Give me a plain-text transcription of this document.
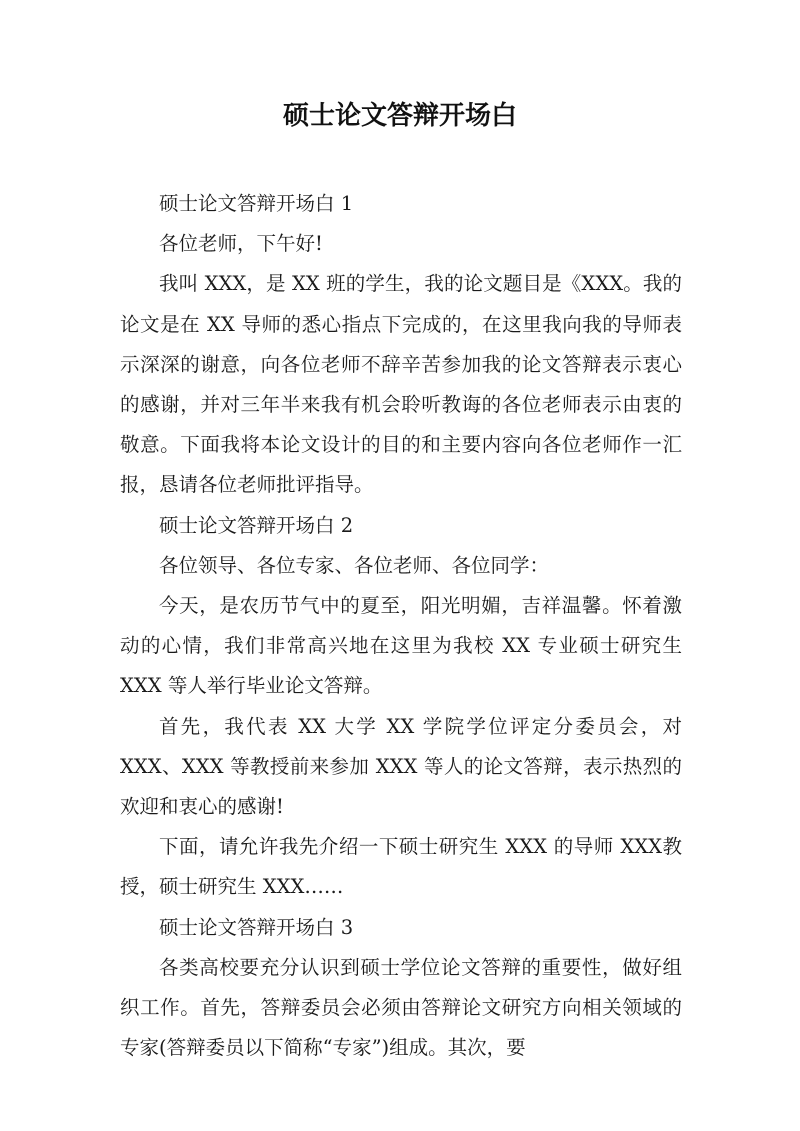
硕士论文答辩开场白

硕士论文答辩开场白 1

各位老师，下午好!

我叫 XXX，是 XX 班的学生，我的论文题目是《XXX。我的论文是在 XX 导师的悉心指点下完成的，在这里我向我的导师表示深深的谢意，向各位老师不辞辛苦参加我的论文答辩表示衷心的感谢，并对三年半来我有机会聆听教诲的各位老师表示由衷的敬意。下面我将本论文设计的目的和主要内容向各位老师作一汇报，恳请各位老师批评指导。

硕士论文答辩开场白 2

各位领导、各位专家、各位老师、各位同学：

今天，是农历节气中的夏至，阳光明媚，吉祥温馨。怀着激动的心情，我们非常高兴地在这里为我校 XX 专业硕士研究生 XXX 等人举行毕业论文答辩。

首先，我代表 XX 大学 XX 学院学位评定分委员会，对XXX、XXX 等教授前来参加 XXX 等人的论文答辩，表示热烈的欢迎和衷心的感谢!

下面，请允许我先介绍一下硕士研究生 XXX 的导师 XXX教授，硕士研究生 XXX……

硕士论文答辩开场白 3

各类高校要充分认识到硕士学位论文答辩的重要性，做好组织工作。首先，答辩委员会必须由答辩论文研究方向相关领域的专家(答辩委员以下简称“专家”)组成。其次，要
